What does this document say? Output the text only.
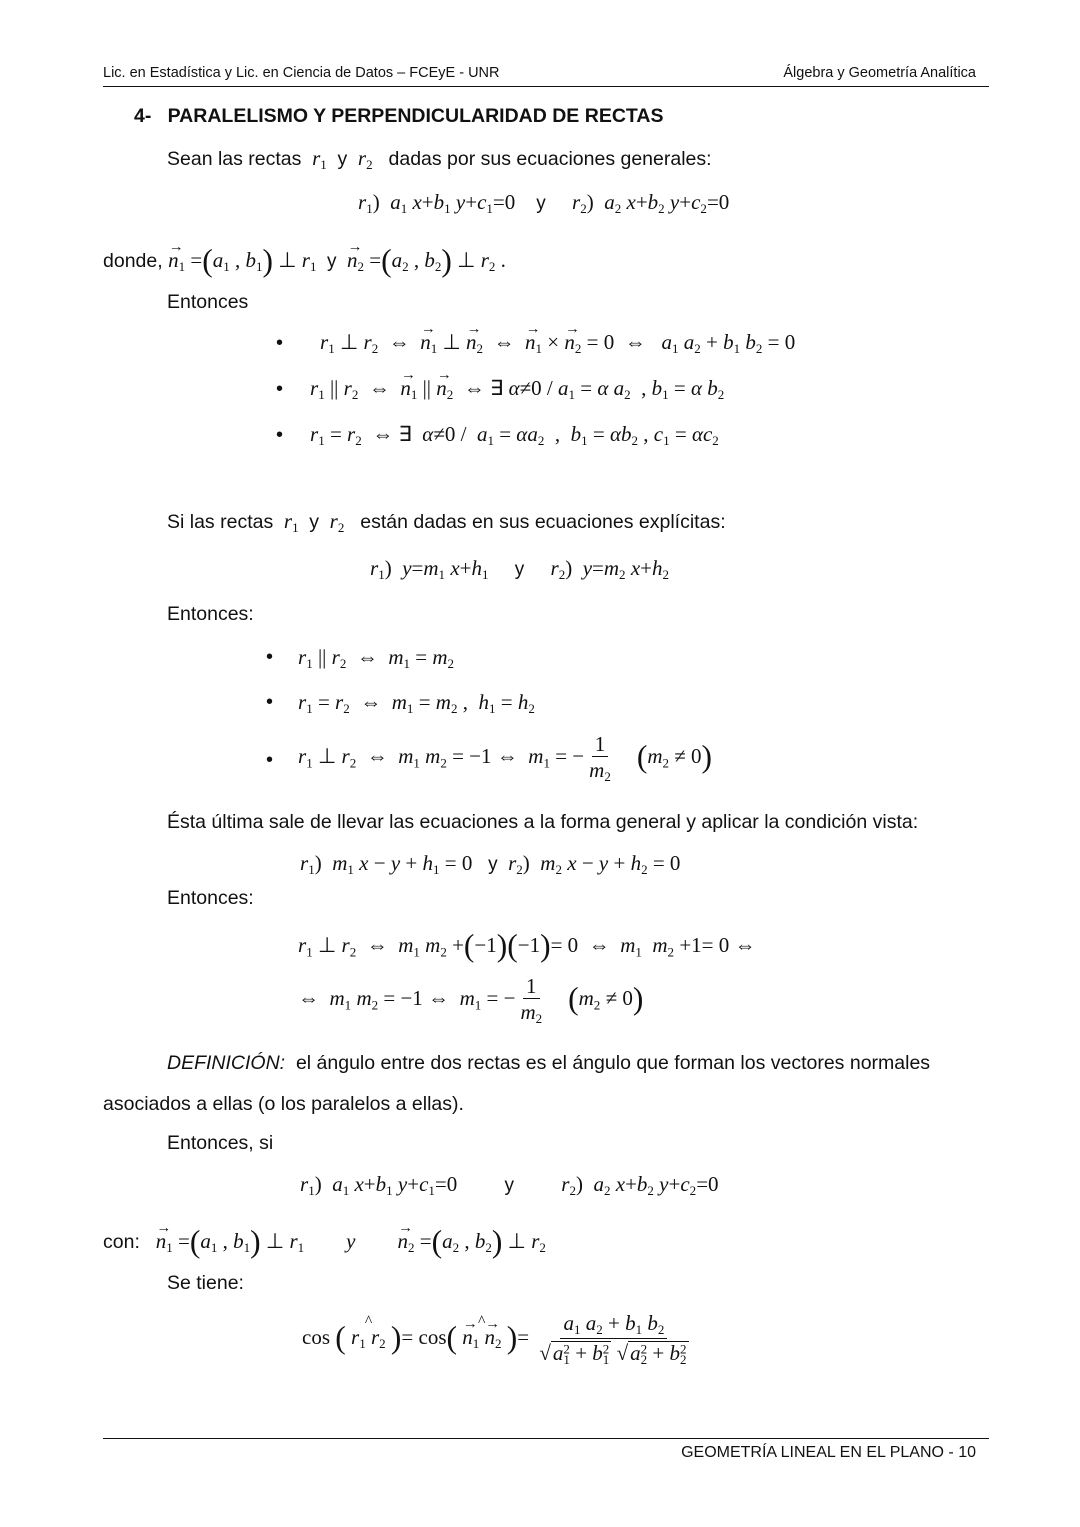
Lic. en Estadística y Lic. en Ciencia de Datos – FCEyE - UNR	Álgebra y Geometría Analítica
4- PARALELISMO Y PERPENDICULARIDAD DE RECTAS
Sean las rectas $r_1$ y $r_2$ dadas por sus ecuaciones generales:
$r_1$)  $a_1$ $x+b_1$ $y+c_1=0$    y $r_2$)  $a_2$ $x+b_2$ $y+c_2=0$
donde, → $n_1 =(a_1$ , $b_1$) ⊥ $r_1$  $y \to n_2 =(a_2$ , $b_2$) ⊥ $r_2$ .
Entonces
• $r_1$ ⊥ $r_2$  ⇔  → $n_1$ ⊥ → $n_2$  ⇔  → $n_1$ × → $n_2 = 0$  ⇔   $a_1$ $a_2 + b_1$ $b_2 = 0$
• $r_1$ || $r_2$  ⇔  → $n_1$ || → $n_2$  ⇔ ∃ $\alpha\ne 0 / a_1 = \alpha$ $a_2$  , $b_1 = \alpha$ $b_2$
• $r_1 = r_2$  ⇔ ∃  $\alpha\ne 0 / a_1 = \alpha a_2$  ,  $b_1 = \alpha b_2$ , $c_1 = \alpha c_2$
Si las rectas $r_1$ y $r_2$ están dadas en sus ecuaciones explícitas:
$r_1$)  $y=m_1$ $x+h_1$ y $r_2$)  $y=m_2$ $x+h_2$
Entonces:
• $r_1$ || $r_2$  ⇔  $m_1 = m_2$
• $r_1 = r_2$  ⇔  $m_1 = m_2$ ,  $h_1 = h_2$
• $r_1$ ⊥ $r_2$  ⇔  $m_1$ $m_2 = -1$ ⇔  $m_1$ = − $\frac{1}{m_2} (m_2 \ne 0)$
Ésta última sale de llevar las ecuaciones a la forma general y aplicar la condición vista:
$r_1$)  $m_1$ $x - y + h_1 = 0$   y $r_2$)  $m_2$ $x - y + h_2 = 0$
Entonces:
$r_1$ ⊥ $r_2$  ⇔  $m_1$ $m_2 +(-1)(-1)= 0$  ⇔  $m_1$ $m_2 +1= 0$ ⇔
⇔  $m_1$ $m_2 = -1$ ⇔  $m_1$ = − $\frac{1}{m_2} (m_2 \ne 0)$
DEFINICIÓN: el ángulo entre dos rectas es el ángulo que forman los vectores normales
asociados a ellas (o los paralelos a ellas).
Entonces, si
$r_1$)  $a_1$ $x+b_1$ $y+c_1=0$         y $r_2$)  $a_2$ $x+b_2$ $y+c_2=0$
con:   → $n_1 =(a_1$ , $b_1$) ⊥ $r_1$ y        → $n_2 =(a_2$ , $b_2$) ⊥ $r_2$
Se tiene:
cos ( ^ $r_1$ $r_2$ )= cos( ^ → $n_1 \to n_2$ )= $\frac{a_1 a_2 + b_1 b_2}{√a^2_1 + b^2_1 √a^2_2 + b^2_2}$
GEOMETRÍA LINEAL EN EL PLANO - 10
